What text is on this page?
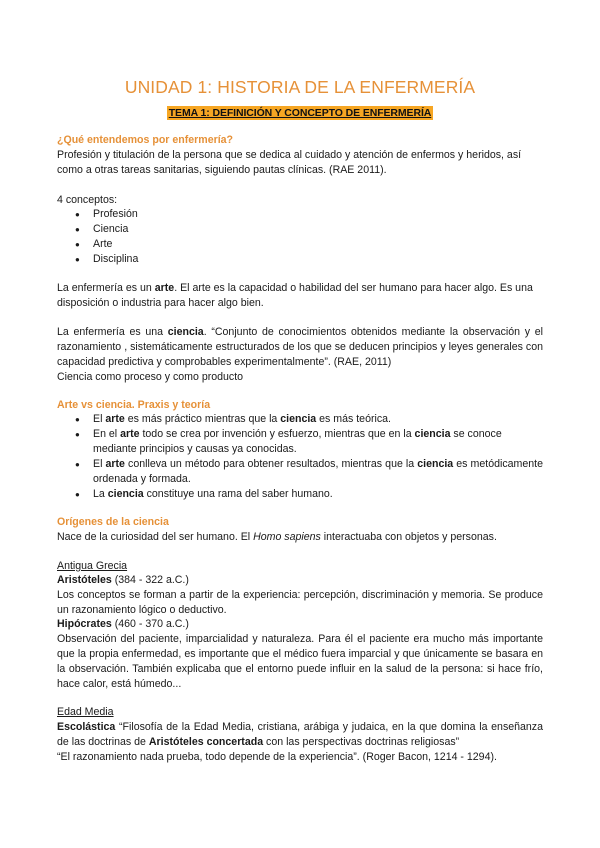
UNIDAD 1: HISTORIA DE LA ENFERMERÍA
TEMA 1: DEFINICIÓN Y CONCEPTO DE ENFERMERÍA
¿Qué entendemos por enfermería?
Profesión y titulación de la persona que se dedica al cuidado y atención de enfermos y heridos, así como a otras tareas sanitarias, siguiendo pautas clínicas. (RAE 2011).
4 conceptos:
● Profesión
● Ciencia
● Arte
● Disciplina
La enfermería es un arte. El arte es la capacidad o habilidad del ser humano para hacer algo. Es una disposición o industria para hacer algo bien.
La enfermería es una ciencia. “Conjunto de conocimientos obtenidos mediante la observación y el razonamiento , sistemáticamente estructurados de los que se deducen principios y leyes generales con capacidad predictiva y comprobables experimentalmente”. (RAE, 2011)
Ciencia como proceso y como producto
Arte vs ciencia. Praxis y teoría
● El arte es más práctico mientras que la ciencia es más teórica.
● En el arte todo se crea por invención y esfuerzo, mientras que en la ciencia se conoce mediante principios y causas ya conocidas.
● El arte conlleva un método para obtener resultados, mientras que la ciencia es metódicamente ordenada y formada.
● La ciencia constituye una rama del saber humano.
Orígenes de la ciencia
Nace de la curiosidad del ser humano. El Homo sapiens interactuaba con objetos y personas.
Antigua Grecia
Aristóteles (384 - 322 a.C.)
Los conceptos se forman a partir de la experiencia: percepción, discriminación y memoria. Se produce un razonamiento lógico o deductivo.
Hipócrates (460 - 370 a.C.)
Observación del paciente, imparcialidad y naturaleza. Para él el paciente era mucho más importante que la propia enfermedad, es importante que el médico fuera imparcial y que únicamente se basara en la observación. También explicaba que el entorno puede influir en la salud de la persona: si hace frío, hace calor, está húmedo...
Edad Media
Escolástica “Filosofía de la Edad Media, cristiana, arábiga y judaica, en la que domina la enseñanza de las doctrinas de Aristóteles concertada con las perspectivas doctrinas religiosas”
“El razonamiento nada prueba, todo depende de la experiencia”. (Roger Bacon, 1214 - 1294).
